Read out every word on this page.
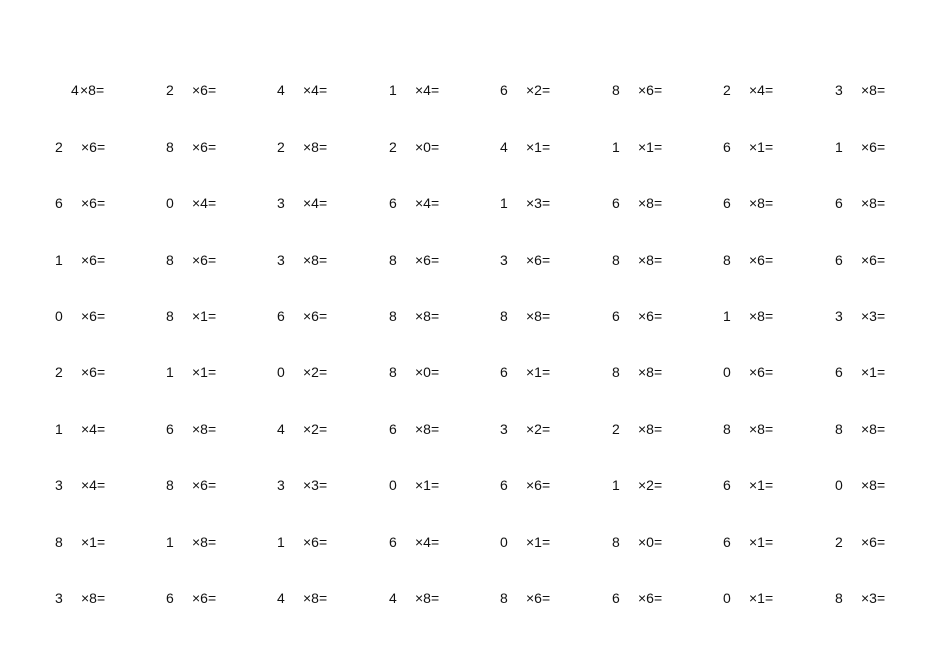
4 ×8=	2 ×6=	4 ×4=	1 ×4=	6 ×2=	8 ×6=	2 ×4=	3 ×8=
2 ×6=	8 ×6=	2 ×8=	2 ×0=	4 ×1=	1 ×1=	6 ×1=	1 ×6=
6 ×6=	0 ×4=	3 ×4=	6 ×4=	1 ×3=	6 ×8=	6 ×8=	6 ×8=
1 ×6=	8 ×6=	3 ×8=	8 ×6=	3 ×6=	8 ×8=	8 ×6=	6 ×6=
0 ×6=	8 ×1=	6 ×6=	8 ×8=	8 ×8=	6 ×6=	1 ×8=	3 ×3=
2 ×6=	1 ×1=	0 ×2=	8 ×0=	6 ×1=	8 ×8=	0 ×6=	6 ×1=
1 ×4=	6 ×8=	4 ×2=	6 ×8=	3 ×2=	2 ×8=	8 ×8=	8 ×8=
3 ×4=	8 ×6=	3 ×3=	0 ×1=	6 ×6=	1 ×2=	6 ×1=	0 ×8=
8 ×1=	1 ×8=	1 ×6=	6 ×4=	0 ×1=	8 ×0=	6 ×1=	2 ×6=
3 ×8=	6 ×6=	4 ×8=	4 ×8=	8 ×6=	6 ×6=	0 ×1=	8 ×3=
